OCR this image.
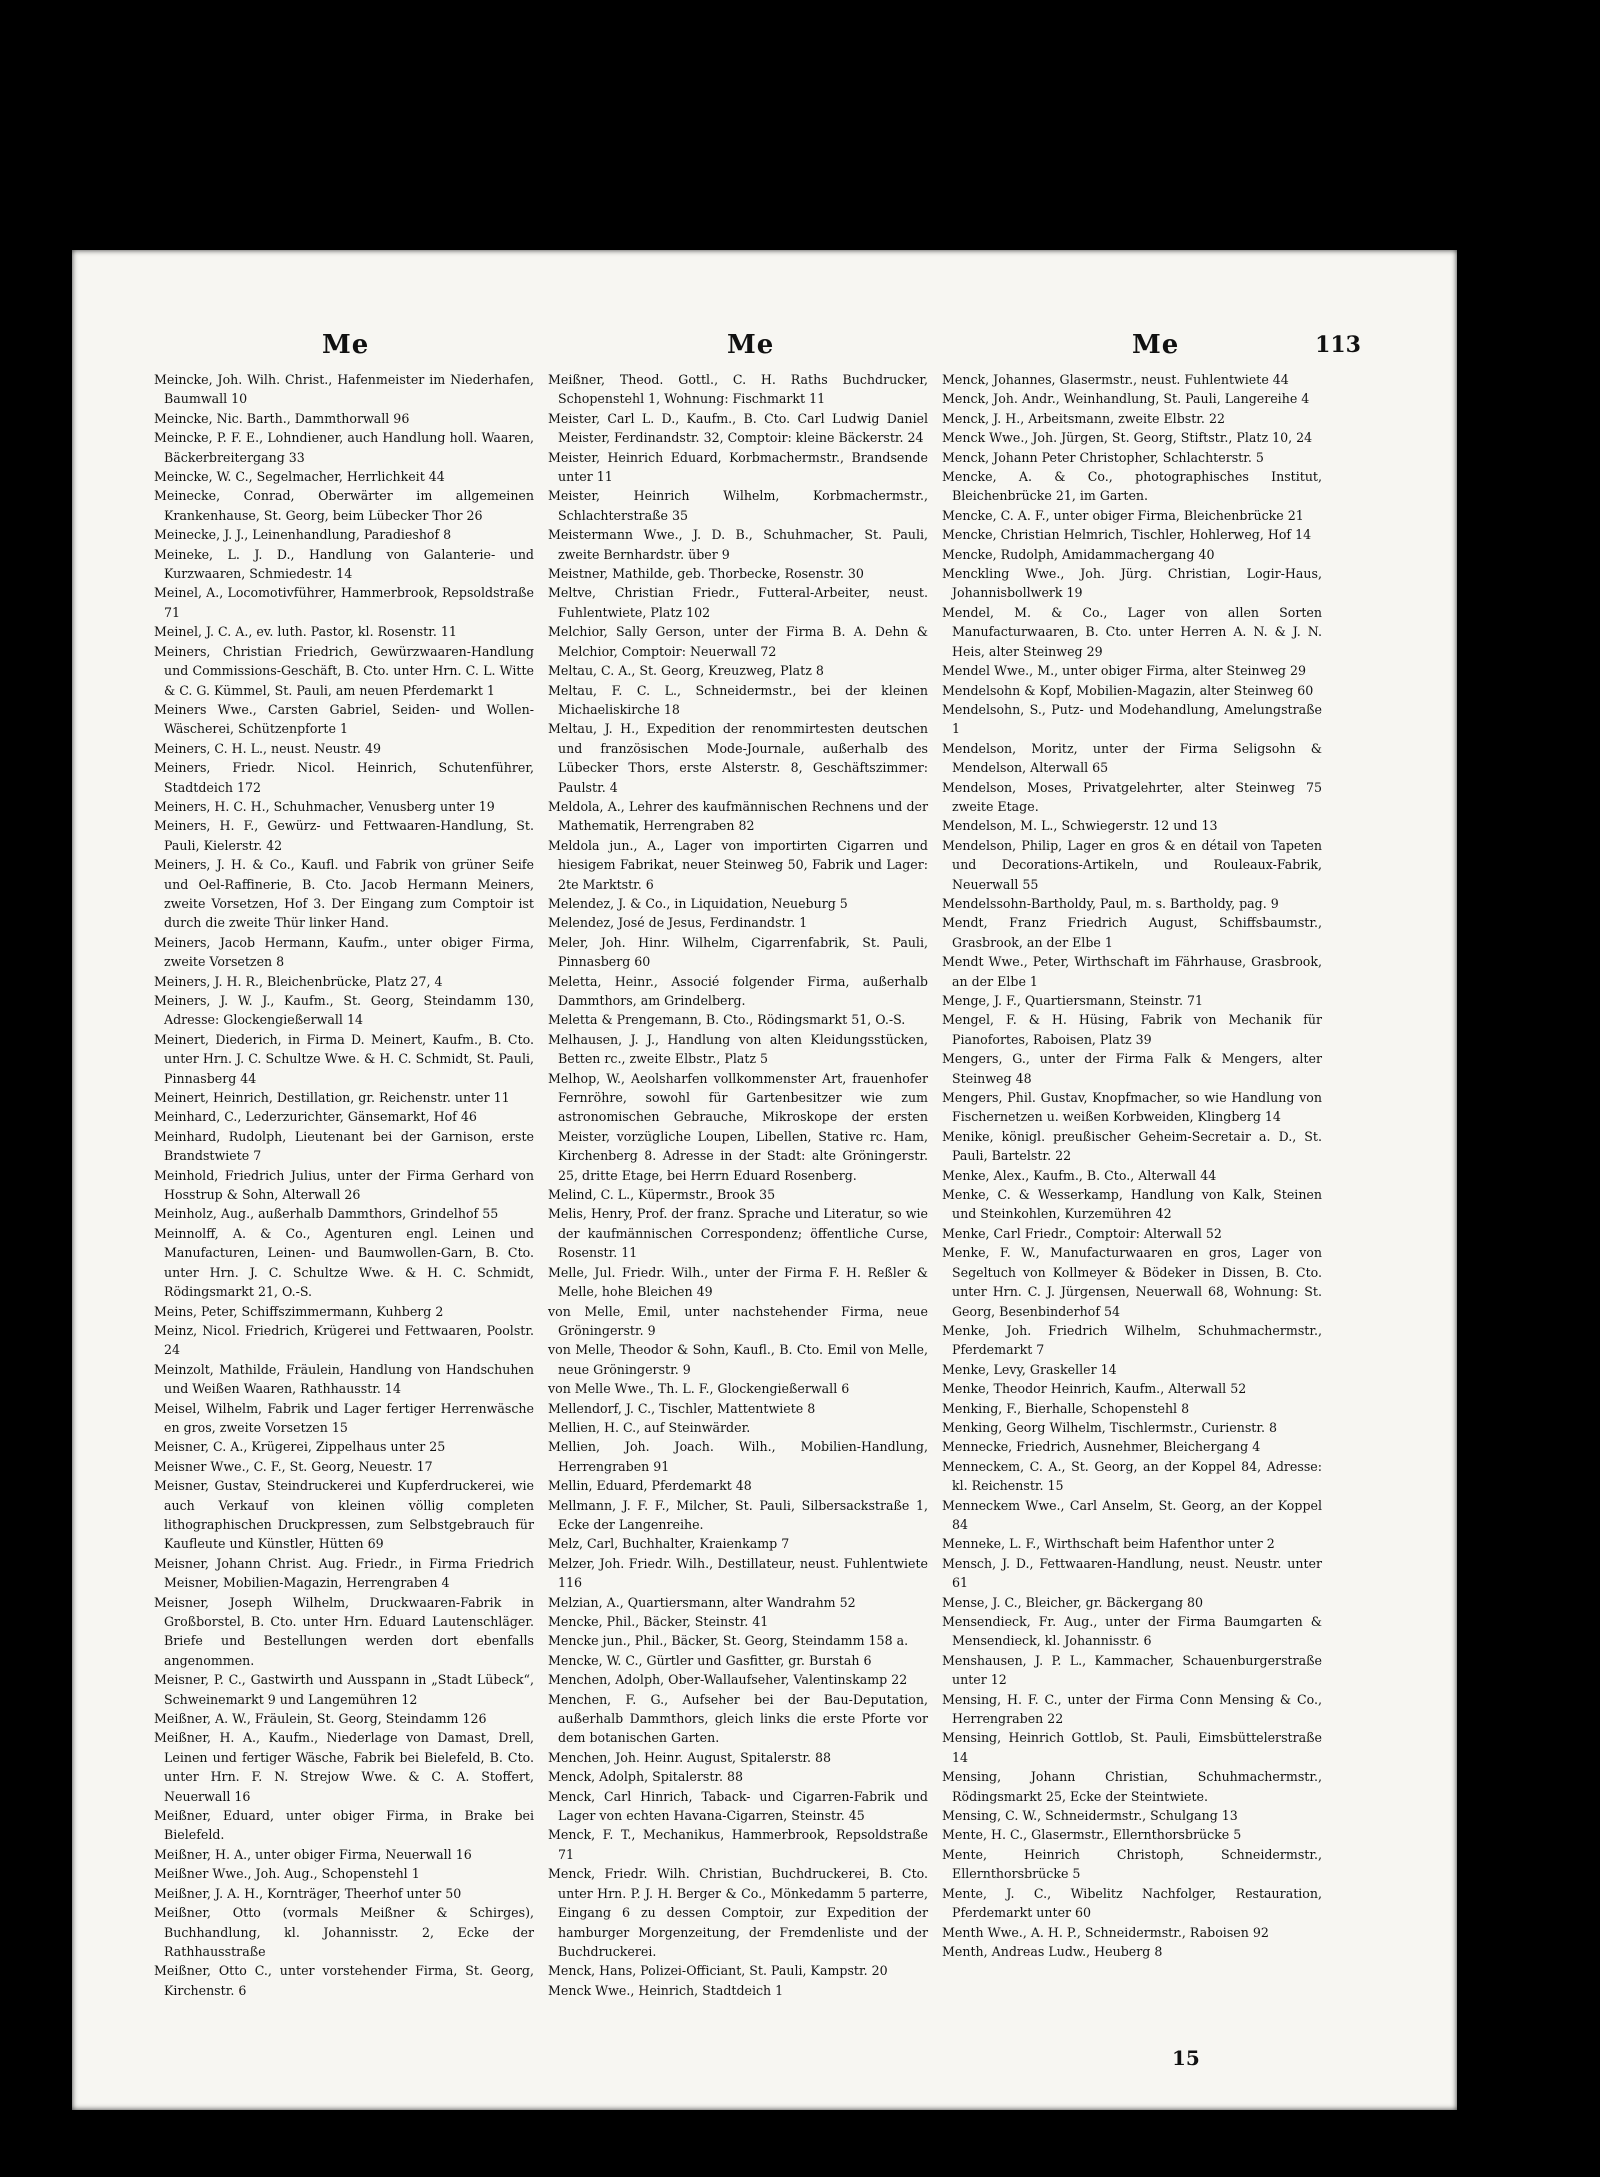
Me	Me	Me	113

Meincke, Joh. Wilh. Christ., Hafenmeister im Niederhafen, Baumwall 10

Meincke, Nic. Barth., Dammthorwall 96

Meincke, P. F. E., Lohndiener, auch Handlung holl. Waaren, Bäckerbreitergang 33

Meincke, W. C., Segelmacher, Herrlichkeit 44

Meinecke, Conrad, Oberwärter im allgemeinen Krankenhause, St. Georg, beim Lübecker Thor 26

Meinecke, J. J., Leinenhandlung, Paradieshof 8

Meineke, L. J. D., Handlung von Galanterie- und Kurzwaaren, Schmiedestr. 14

Meinel, A., Locomotivführer, Hammerbrook, Repsoldstraße 71

Meinel, J. C. A., ev. luth. Pastor, kl. Rosenstr. 11

Meiners, Christian Friedrich, Gewürzwaaren-Handlung und Commissions-Geschäft, B. Cto. unter Hrn. C. L. Witte & C. G. Kümmel, St. Pauli, am neuen Pferdemarkt 1

Meiners Wwe., Carsten Gabriel, Seiden- und Wollen-Wäscherei, Schützenpforte 1

Meiners, C. H. L., neust. Neustr. 49

Meiners, Friedr. Nicol. Heinrich, Schutenführer, Stadtdeich 172

Meiners, H. C. H., Schuhmacher, Venusberg unter 19

Meiners, H. F., Gewürz- und Fettwaaren-Handlung, St. Pauli, Kielerstr. 42

Meiners, J. H. & Co., Kaufl. und Fabrik von grüner Seife und Oel-Raffinerie, B. Cto. Jacob Hermann Meiners, zweite Vorsetzen, Hof 3. Der Eingang zum Comptoir ist durch die zweite Thür linker Hand.

Meiners, Jacob Hermann, Kaufm., unter obiger Firma, zweite Vorsetzen 8

Meiners, J. H. R., Bleichenbrücke, Platz 27, 4

Meiners, J. W. J., Kaufm., St. Georg, Steindamm 130, Adresse: Glockengießerwall 14

Meinert, Diederich, in Firma D. Meinert, Kaufm., B. Cto. unter Hrn. J. C. Schultze Wwe. & H. C. Schmidt, St. Pauli, Pinnasberg 44

Meinert, Heinrich, Destillation, gr. Reichenstr. unter 11

Meinhard, C., Lederzurichter, Gänsemarkt, Hof 46

Meinhard, Rudolph, Lieutenant bei der Garnison, erste Brandstwiete 7

Meinhold, Friedrich Julius, unter der Firma Gerhard von Hosstrup & Sohn, Alterwall 26

Meinholz, Aug., außerhalb Dammthors, Grindelhof 55

Meinnolff, A. & Co., Agenturen engl. Leinen und Manufacturen, Leinen- und Baumwollen-Garn, B. Cto. unter Hrn. J. C. Schultze Wwe. & H. C. Schmidt, Rödingsmarkt 21, O.-S.

Meins, Peter, Schiffszimmermann, Kuhberg 2

Meinz, Nicol. Friedrich, Krügerei und Fettwaaren, Poolstr. 24

Meinzolt, Mathilde, Fräulein, Handlung von Handschuhen und Weißen Waaren, Rathhausstr. 14

Meisel, Wilhelm, Fabrik und Lager fertiger Herrenwäsche en gros, zweite Vorsetzen 15

Meisner, C. A., Krügerei, Zippelhaus unter 25

Meisner Wwe., C. F., St. Georg, Neuestr. 17

Meisner, Gustav, Steindruckerei und Kupferdruckerei, wie auch Verkauf von kleinen völlig completen lithographischen Druckpressen, zum Selbstgebrauch für Kaufleute und Künstler, Hütten 69

Meisner, Johann Christ. Aug. Friedr., in Firma Friedrich Meisner, Mobilien-Magazin, Herrengraben 4

Meisner, Joseph Wilhelm, Druckwaaren-Fabrik in Großborstel, B. Cto. unter Hrn. Eduard Lautenschläger. Briefe und Bestellungen werden dort ebenfalls angenommen.

Meisner, P. C., Gastwirth und Ausspann in „Stadt Lübeck“, Schweinemarkt 9 und Langemühren 12

Meißner, A. W., Fräulein, St. Georg, Steindamm 126

Meißner, H. A., Kaufm., Niederlage von Damast, Drell, Leinen und fertiger Wäsche, Fabrik bei Bielefeld, B. Cto. unter Hrn. F. N. Strejow Wwe. & C. A. Stoffert, Neuerwall 16

Meißner, Eduard, unter obiger Firma, in Brake bei Bielefeld.

Meißner, H. A., unter obiger Firma, Neuerwall 16

Meißner Wwe., Joh. Aug., Schopenstehl 1

Meißner, J. A. H., Kornträger, Theerhof unter 50

Meißner, Otto (vormals Meißner & Schirges), Buchhandlung, kl. Johannisstr. 2, Ecke der Rathhausstraße

Meißner, Otto C., unter vorstehender Firma, St. Georg, Kirchenstr. 6

Meißner, Theod. Gottl., C. H. Raths Buchdrucker, Schopenstehl 1, Wohnung: Fischmarkt 11

Meister, Carl L. D., Kaufm., B. Cto. Carl Ludwig Daniel Meister, Ferdinandstr. 32, Comptoir: kleine Bäckerstr. 24

Meister, Heinrich Eduard, Korbmachermstr., Brandsende unter 11

Meister, Heinrich Wilhelm, Korbmachermstr., Schlachterstraße 35

Meistermann Wwe., J. D. B., Schuhmacher, St. Pauli, zweite Bernhardstr. über 9

Meistner, Mathilde, geb. Thorbecke, Rosenstr. 30

Meltve, Christian Friedr., Futteral-Arbeiter, neust. Fuhlentwiete, Platz 102

Melchior, Sally Gerson, unter der Firma B. A. Dehn & Melchior, Comptoir: Neuerwall 72

Meltau, C. A., St. Georg, Kreuzweg, Platz 8

Meltau, F. C. L., Schneidermstr., bei der kleinen Michaeliskirche 18

Meltau, J. H., Expedition der renommirtesten deutschen und französischen Mode-Journale, außerhalb des Lübecker Thors, erste Alsterstr. 8, Geschäftszimmer: Paulstr. 4

Meldola, A., Lehrer des kaufmännischen Rechnens und der Mathematik, Herrengraben 82

Meldola jun., A., Lager von importirten Cigarren und hiesigem Fabrikat, neuer Steinweg 50, Fabrik und Lager: 2te Marktstr. 6

Melendez, J. & Co., in Liquidation, Neueburg 5

Melendez, José de Jesus, Ferdinandstr. 1

Meler, Joh. Hinr. Wilhelm, Cigarrenfabrik, St. Pauli, Pinnasberg 60

Meletta, Heinr., Associé folgender Firma, außerhalb Dammthors, am Grindelberg.

Meletta & Prengemann, B. Cto., Rödingsmarkt 51, O.-S.

Melhausen, J. J., Handlung von alten Kleidungsstücken, Betten rc., zweite Elbstr., Platz 5

Melhop, W., Aeolsharfen vollkommenster Art, frauenhofer Fernröhre, sowohl für Gartenbesitzer wie zum astronomischen Gebrauche, Mikroskope der ersten Meister, vorzügliche Loupen, Libellen, Stative rc. Ham, Kirchenberg 8. Adresse in der Stadt: alte Gröningerstr. 25, dritte Etage, bei Herrn Eduard Rosenberg.

Melind, C. L., Küpermstr., Brook 35

Melis, Henry, Prof. der franz. Sprache und Literatur, so wie der kaufmännischen Correspondenz; öffentliche Curse, Rosenstr. 11

Melle, Jul. Friedr. Wilh., unter der Firma F. H. Reßler & Melle, hohe Bleichen 49

von Melle, Emil, unter nachstehender Firma, neue Gröningerstr. 9

von Melle, Theodor & Sohn, Kaufl., B. Cto. Emil von Melle, neue Gröningerstr. 9

von Melle Wwe., Th. L. F., Glockengießerwall 6

Mellendorf, J. C., Tischler, Mattentwiete 8

Mellien, H. C., auf Steinwärder.

Mellien, Joh. Joach. Wilh., Mobilien-Handlung, Herrengraben 91

Mellin, Eduard, Pferdemarkt 48

Mellmann, J. F. F., Milcher, St. Pauli, Silbersackstraße 1, Ecke der Langenreihe.

Melz, Carl, Buchhalter, Kraienkamp 7

Melzer, Joh. Friedr. Wilh., Destillateur, neust. Fuhlentwiete 116

Melzian, A., Quartiersmann, alter Wandrahm 52

Mencke, Phil., Bäcker, Steinstr. 41

Mencke jun., Phil., Bäcker, St. Georg, Steindamm 158 a.

Mencke, W. C., Gürtler und Gasfitter, gr. Burstah 6

Menchen, Adolph, Ober-Wallaufseher, Valentinskamp 22

Menchen, F. G., Aufseher bei der Bau-Deputation, außerhalb Dammthors, gleich links die erste Pforte vor dem botanischen Garten.

Menchen, Joh. Heinr. August, Spitalerstr. 88

Menck, Adolph, Spitalerstr. 88

Menck, Carl Hinrich, Taback- und Cigarren-Fabrik und Lager von echten Havana-Cigarren, Steinstr. 45

Menck, F. T., Mechanikus, Hammerbrook, Repsoldstraße 71

Menck, Friedr. Wilh. Christian, Buchdruckerei, B. Cto. unter Hrn. P. J. H. Berger & Co., Mönkedamm 5 parterre, Eingang 6 zu dessen Comptoir, zur Expedition der hamburger Morgenzeitung, der Fremdenliste und der Buchdruckerei.

Menck, Hans, Polizei-Officiant, St. Pauli, Kampstr. 20

Menck Wwe., Heinrich, Stadtdeich 1

Menck, Johannes, Glasermstr., neust. Fuhlentwiete 44

Menck, Joh. Andr., Weinhandlung, St. Pauli, Langereihe 4

Menck, J. H., Arbeitsmann, zweite Elbstr. 22

Menck Wwe., Joh. Jürgen, St. Georg, Stiftstr., Platz 10, 24

Menck, Johann Peter Christopher, Schlachterstr. 5

Mencke, A. & Co., photographisches Institut, Bleichenbrücke 21, im Garten.

Mencke, C. A. F., unter obiger Firma, Bleichenbrücke 21

Mencke, Christian Helmrich, Tischler, Hohlerweg, Hof 14

Mencke, Rudolph, Amidammachergang 40

Menckling Wwe., Joh. Jürg. Christian, Logir-Haus, Johannisbollwerk 19

Mendel, M. & Co., Lager von allen Sorten Manufacturwaaren, B. Cto. unter Herren A. N. & J. N. Heis, alter Steinweg 29

Mendel Wwe., M., unter obiger Firma, alter Steinweg 29

Mendelsohn & Kopf, Mobilien-Magazin, alter Steinweg 60

Mendelsohn, S., Putz- und Modehandlung, Amelungstraße 1

Mendelson, Moritz, unter der Firma Seligsohn & Mendelson, Alterwall 65

Mendelson, Moses, Privatgelehrter, alter Steinweg 75 zweite Etage.

Mendelson, M. L., Schwiegerstr. 12 und 13

Mendelson, Philip, Lager en gros & en détail von Tapeten und Decorations-Artikeln, und Rouleaux-Fabrik, Neuerwall 55

Mendelssohn-Bartholdy, Paul, m. s. Bartholdy, pag. 9

Mendt, Franz Friedrich August, Schiffsbaumstr., Grasbrook, an der Elbe 1

Mendt Wwe., Peter, Wirthschaft im Fährhause, Grasbrook, an der Elbe 1

Menge, J. F., Quartiersmann, Steinstr. 71

Mengel, F. & H. Hüsing, Fabrik von Mechanik für Pianofortes, Raboisen, Platz 39

Mengers, G., unter der Firma Falk & Mengers, alter Steinweg 48

Mengers, Phil. Gustav, Knopfmacher, so wie Handlung von Fischernetzen u. weißen Korbweiden, Klingberg 14

Menike, königl. preußischer Geheim-Secretair a. D., St. Pauli, Bartelstr. 22

Menke, Alex., Kaufm., B. Cto., Alterwall 44

Menke, C. & Wesserkamp, Handlung von Kalk, Steinen und Steinkohlen, Kurzemühren 42

Menke, Carl Friedr., Comptoir: Alterwall 52

Menke, F. W., Manufacturwaaren en gros, Lager von Segeltuch von Kollmeyer & Bödeker in Dissen, B. Cto. unter Hrn. C. J. Jürgensen, Neuerwall 68, Wohnung: St. Georg, Besenbinderhof 54

Menke, Joh. Friedrich Wilhelm, Schuhmachermstr., Pferdemarkt 7

Menke, Levy, Graskeller 14

Menke, Theodor Heinrich, Kaufm., Alterwall 52

Menking, F., Bierhalle, Schopenstehl 8

Menking, Georg Wilhelm, Tischlermstr., Curienstr. 8

Mennecke, Friedrich, Ausnehmer, Bleichergang 4

Menneckem, C. A., St. Georg, an der Koppel 84, Adresse: kl. Reichenstr. 15

Menneckem Wwe., Carl Anselm, St. Georg, an der Koppel 84

Menneke, L. F., Wirthschaft beim Hafenthor unter 2

Mensch, J. D., Fettwaaren-Handlung, neust. Neustr. unter 61

Mense, J. C., Bleicher, gr. Bäckergang 80

Mensendieck, Fr. Aug., unter der Firma Baumgarten & Mensendieck, kl. Johannisstr. 6

Menshausen, J. P. L., Kammacher, Schauenburgerstraße unter 12

Mensing, H. F. C., unter der Firma Conn Mensing & Co., Herrengraben 22

Mensing, Heinrich Gottlob, St. Pauli, Eimsbüttelerstraße 14

Mensing, Johann Christian, Schuhmachermstr., Rödingsmarkt 25, Ecke der Steintwiete.

Mensing, C. W., Schneidermstr., Schulgang 13

Mente, H. C., Glasermstr., Ellernthorsbrücke 5

Mente, Heinrich Christoph, Schneidermstr., Ellernthorsbrücke 5

Mente, J. C., Wibelitz Nachfolger, Restauration, Pferdemarkt unter 60

Menth Wwe., A. H. P., Schneidermstr., Raboisen 92

Menth, Andreas Ludw., Heuberg 8

15
